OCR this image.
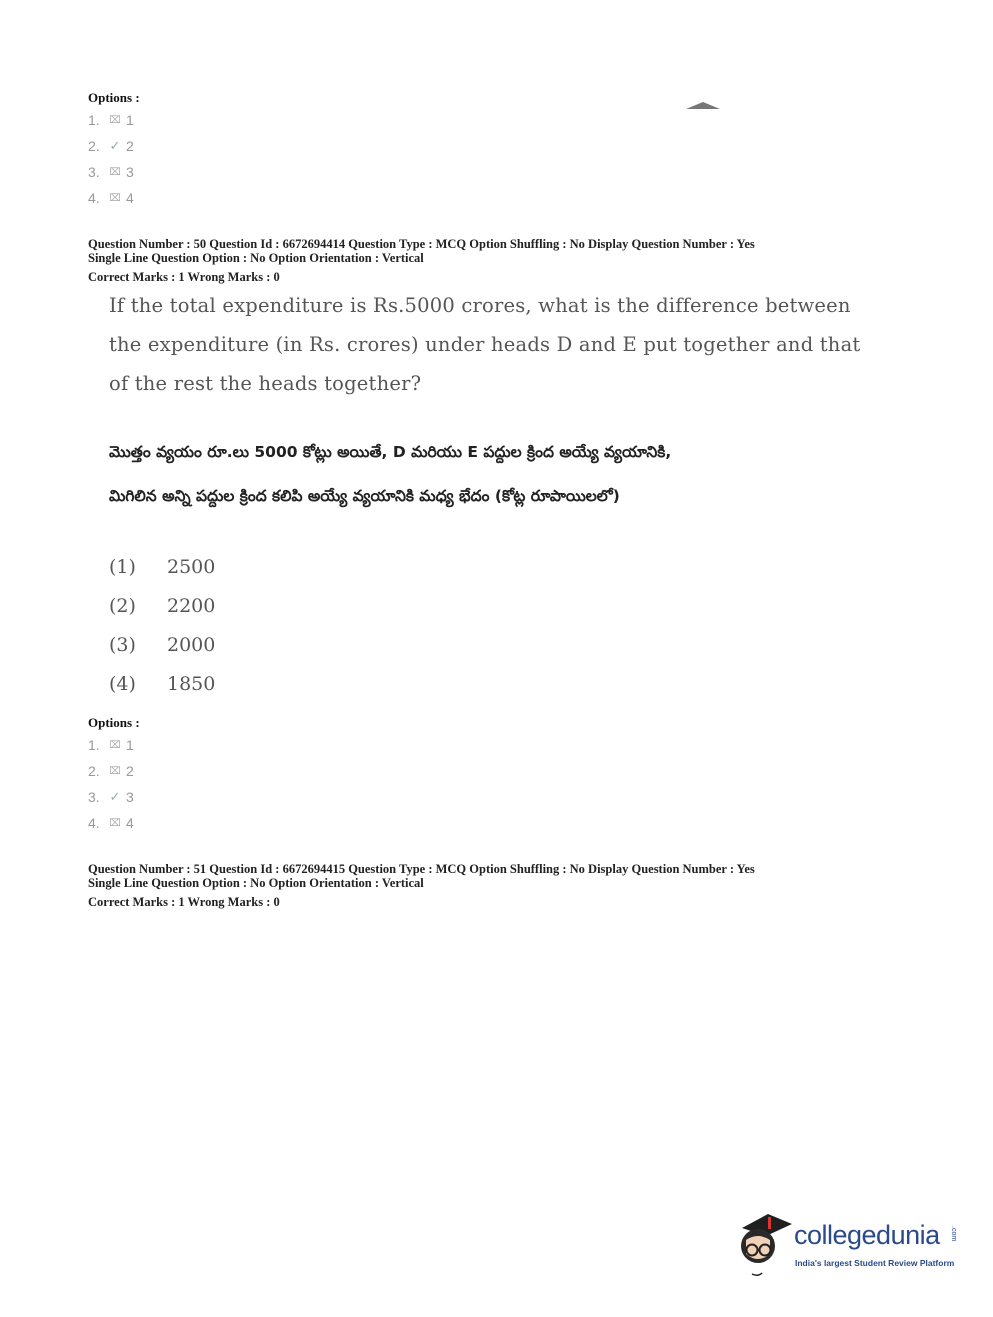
Options :
1. ⌧ 1
2. ✓ 2
3. ⌧ 3
4. ⌧ 4
Question Number : 50 Question Id : 6672694414 Question Type : MCQ Option Shuffling : No Display Question Number : Yes
Single Line Question Option : No Option Orientation : Vertical
Correct Marks : 1 Wrong Marks : 0
If the total expenditure is Rs.5000 crores, what is the difference between
the expenditure (in Rs. crores) under heads D and E put together and that
of the rest the heads together?
మొత్తం వ్యయం రూ.లు 5000 కోట్లు అయితే, D మరియు E పద్దుల క్రింద అయ్యే వ్యయానికి,
మిగిలిన అన్ని పద్దుల క్రింద కలిపి అయ్యే వ్యయానికి మధ్య భేదం (కోట్ల రూపాయిలలో)
(1)	2500
(2)	2200
(3)	2000
(4)	1850
Options :
1. ⌧ 1
2. ⌧ 2
3. ✓ 3
4. ⌧ 4
Question Number : 51 Question Id : 6672694415 Question Type : MCQ Option Shuffling : No Display Question Number : Yes
Single Line Question Option : No Option Orientation : Vertical
Correct Marks : 1 Wrong Marks : 0
collegedunia .com
India's largest Student Review Platform
